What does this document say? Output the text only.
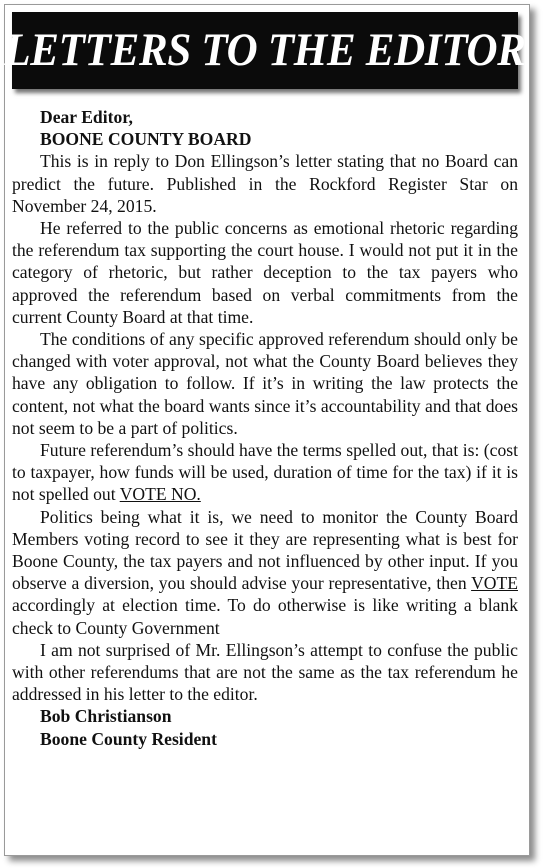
LETTERS TO THE EDITOR
Dear Editor,
BOONE COUNTY BOARD

This is in reply to Don Ellingson’s letter stating that no Board can predict the future. Published in the Rockford Register Star on November 24, 2015.

He referred to the public concerns as emotional rhetoric regarding the referendum tax supporting the court house. I would not put it in the category of rhetoric, but rather deception to the tax payers who approved the referendum based on verbal commitments from the current County Board at that time.

The conditions of any specific approved referendum should only be changed with voter approval, not what the County Board believes they have any obligation to follow. If it’s in writing the law protects the content, not what the board wants since it’s accountability and that does not seem to be a part of politics.

Future referendum’s should have the terms spelled out, that is: (cost to taxpayer, how funds will be used, duration of time for the tax) if it is not spelled out VOTE NO.

Politics being what it is, we need to monitor the County Board Members voting record to see it they are representing what is best for Boone County, the tax payers and not influenced by other input. If you observe a diversion, you should advise your representative, then VOTE accordingly at election time. To do otherwise is like writing a blank check to County Government

I am not surprised of Mr. Ellingson’s attempt to confuse the public with other referendums that are not the same as the tax referendum he addressed in his letter to the editor.

Bob Christianson
Boone County Resident
